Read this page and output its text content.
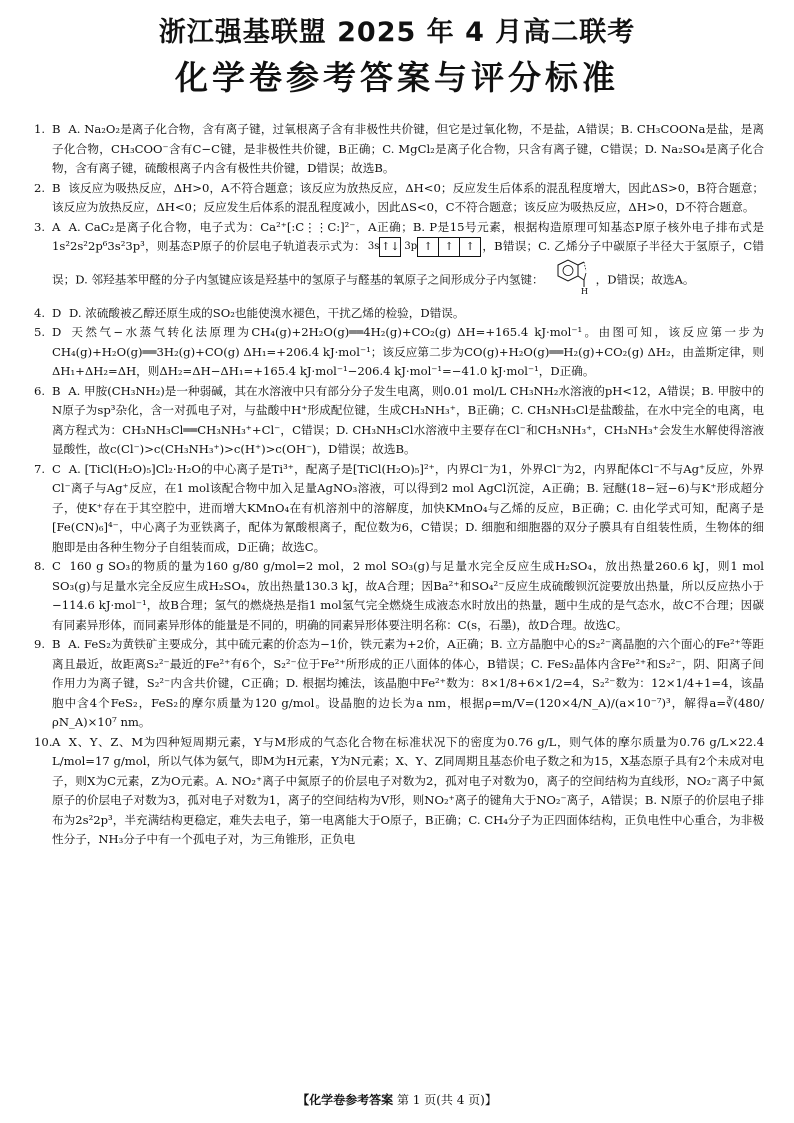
浙江强基联盟 2025 年 4 月高二联考
化学卷参考答案与评分标准
1. B A. Na₂O₂是离子化合物，含有离子键，过氧根离子含有非极性共价键，但它是过氧化物，不是盐，A错误；B. CH₃COONa是盐，是离子化合物，CH₃COO⁻含有C−C键，是非极性共价键，B正确；C. MgCl₂是离子化合物，只含有离子键，C错误；D. Na₂SO₄是离子化合物，含有离子键，硫酸根离子内含有极性共价键，D错误；故选B。
2. B 该反应为吸热反应，ΔH>0，A不符合题意；该反应为放热反应，ΔH<0；反应发生后体系的混乱程度增大，因此ΔS>0，B符合题意；该反应为放热反应，ΔH<0；反应发生后体系的混乱程度减小，因此ΔS<0，C不符合题意；该反应为吸热反应，ΔH>0，D不符合题意。
3. A A. CaC₂是离子化合物，电子式为：Ca²⁺[:C⋮⋮C:]²⁻，A正确；B. P是15号元素，根据构造原理可知基态P原子核外电子排布式是1s²2s²2p⁶3s²3p³，则基态P原子的价层电子轨道表示式为： 3s ↑↓ 3p ↑	↑	↑ ，B错误；C. 乙烯分子中碳原子半径大于氢原子，C错误；D. 邻羟基苯甲醛的分子内氢键应该是羟基中的氢原子与醛基的氧原子之间形成分子内氢键：
H
，D错误；故选A。
4. D D. 浓硫酸被乙醇还原生成的SO₂也能使溴水褪色，干扰乙烯的检验，D错误。
5. D 天然气−水蒸气转化法原理为CH₄(g)+2H₂O(g)══4H₂(g)+CO₂(g) ΔH=+165.4 kJ·mol⁻¹。由图可知，该反应第一步为CH₄(g)+H₂O(g)══3H₂(g)+CO(g) ΔH₁=+206.4 kJ·mol⁻¹；该反应第二步为CO(g)+H₂O(g)══H₂(g)+CO₂(g) ΔH₂，由盖斯定律，则ΔH₁+ΔH₂=ΔH，则ΔH₂=ΔH−ΔH₁=+165.4 kJ·mol⁻¹−206.4 kJ·mol⁻¹=−41.0 kJ·mol⁻¹，D正确。
6. B A. 甲胺(CH₃NH₂)是一种弱碱，其在水溶液中只有部分分子发生电离，则0.01 mol/L CH₃NH₂水溶液的pH<12，A错误；B. 甲胺中的N原子为sp³杂化，含一对孤电子对，与盐酸中H⁺形成配位键，生成CH₃NH₃⁺，B正确；C. CH₃NH₃Cl是盐酸盐，在水中完全的电离，电离方程式为：CH₃NH₃Cl══CH₃NH₃⁺+Cl⁻，C错误；D. CH₃NH₃Cl水溶液中主要存在Cl⁻和CH₃NH₃⁺，CH₃NH₃⁺会发生水解使得溶液显酸性，故c(Cl⁻)>c(CH₃NH₃⁺)>c(H⁺)>c(OH⁻)，D错误；故选B。
7. C A. [TiCl(H₂O)₅]Cl₂·H₂O的中心离子是Ti³⁺，配离子是[TiCl(H₂O)₅]²⁺，内界Cl⁻为1，外界Cl⁻为2，内界配体Cl⁻不与Ag⁺反应，外界Cl⁻离子与Ag⁺反应，在1 mol该配合物中加入足量AgNO₃溶液，可以得到2 mol AgCl沉淀，A正确；B. 冠醚(18−冠−6)与K⁺形成超分子，使K⁺存在于其空腔中，进而增大KMnO₄在有机溶剂中的溶解度，加快KMnO₄与乙烯的反应，B正确；C. 由化学式可知，配离子是[Fe(CN)₆]⁴⁻，中心离子为亚铁离子，配体为氰酸根离子，配位数为6，C错误；D. 细胞和细胞器的双分子膜具有自组装性质，生物体的细胞即是由各种生物分子自组装而成，D正确；故选C。
8. C 160 g SO₃的物质的量为160 g/80 g/mol=2 mol，2 mol SO₃(g)与足量水完全反应生成H₂SO₄，放出热量260.6 kJ，则1 mol SO₃(g)与足量水完全反应生成H₂SO₄，放出热量130.3 kJ，故A合理；因Ba²⁺和SO₄²⁻反应生成硫酸钡沉淀要放出热量，所以反应热小于−114.6 kJ·mol⁻¹，故B合理；氢气的燃烧热是指1 mol氢气完全燃烧生成液态水时放出的热量，题中生成的是气态水，故C不合理；因碳有同素异形体，而同素异形体的能量是不同的，明确的同素异形体要注明名称：C(s，石墨)，故D合理。故选C。
9. B A. FeS₂为黄铁矿主要成分，其中硫元素的价态为−1价，铁元素为+2价，A正确；B. 立方晶胞中心的S₂²⁻离晶胞的六个面心的Fe²⁺等距离且最近，故距离S₂²⁻最近的Fe²⁺有6个，S₂²⁻位于Fe²⁺所形成的正八面体的体心，B错误；C. FeS₂晶体内含Fe²⁺和S₂²⁻，阴、阳离子间作用力为离子键，S₂²⁻内含共价键，C正确；D. 根据均摊法，该晶胞中Fe²⁺数为：8×1/8+6×1/2=4，S₂²⁻数为：12×1/4+1=4，该晶胞中含4个FeS₂，FeS₂的摩尔质量为120 g/mol。设晶胞的边长为a nm，根据ρ=m/V=(120×4/N_A)/(a×10⁻⁷)³，解得a=∛(480/ρN_A)×10⁷ nm。
10. A X、Y、Z、M为四种短周期元素，Y与M形成的气态化合物在标准状况下的密度为0.76 g/L，则气体的摩尔质量为0.76 g/L×22.4 L/mol=17 g/mol，所以气体为氨气，即M为H元素，Y为N元素；X、Y、Z同周期且基态价电子数之和为15，X基态原子具有2个未成对电子，则X为C元素，Z为O元素。A. NO₂⁺离子中氮原子的价层电子对数为2，孤对电子对数为0，离子的空间结构为直线形，NO₂⁻离子中氮原子的价层电子对数为3，孤对电子对数为1，离子的空间结构为V形，则NO₂⁺离子的键角大于NO₂⁻离子，A错误；B. N原子的价层电子排布为2s²2p³，半充满结构更稳定，难失去电子，第一电离能大于O原子，B正确；C. CH₄分子为正四面体结构，正负电性中心重合，为非极性分子，NH₃分子中有一个孤电子对，为三角锥形，正负电
【化学卷参考答案 第 1 页(共 4 页)】
